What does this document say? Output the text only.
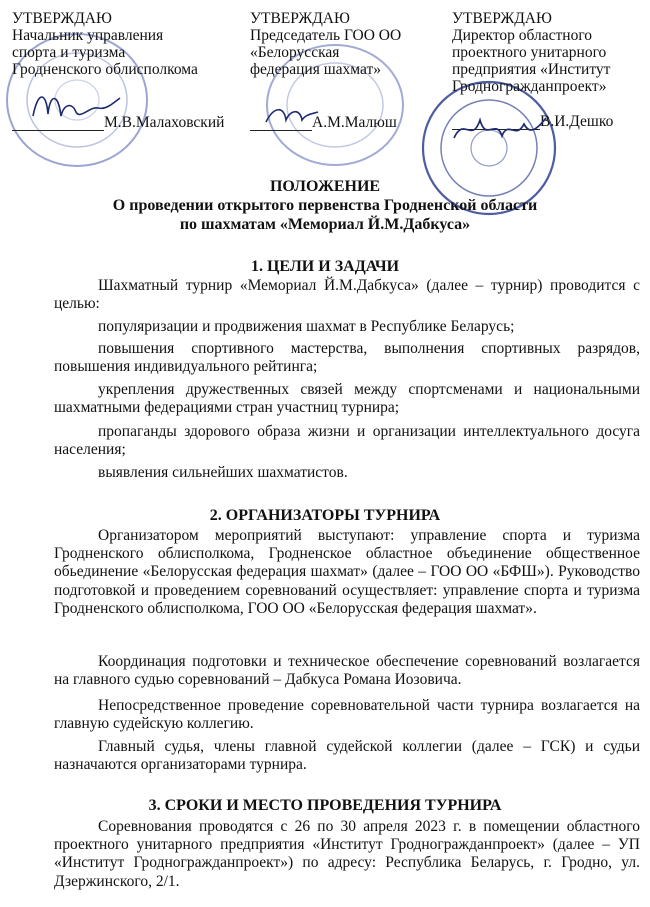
УТВЕРЖДАЮ
Начальник управления
спорта и туризма
Гродненского облисполкома
М.В.Малаховский
УТВЕРЖДАЮ
Председатель ГОО ОО
«Белорусская
федерация шахмат»
А.М.Малюш
УТВЕРЖДАЮ
Директор областного
проектного унитарного
предприятия «Институт
Гродногражданпроект»
В.И.Дешко
ПОЛОЖЕНИЕ
О проведении открытого первенства Гродненской области
по шахматам «Мемориал Й.М.Дабкуса»
1. ЦЕЛИ И ЗАДАЧИ
Шахматный турнир «Мемориал Й.М.Дабкуса» (далее – турнир) проводится с целью:
популяризации и продвижения шахмат в Республике Беларусь;
повышения спортивного мастерства, выполнения спортивных разрядов, повышения индивидуального рейтинга;
укрепления дружественных связей между спортсменами и национальными шахматными федерациями стран участниц турнира;
пропаганды здорового образа жизни и организации интеллектуального досуга населения;
выявления сильнейших шахматистов.
2. ОРГАНИЗАТОРЫ ТУРНИРА
Организатором мероприятий выступают: управление спорта и туризма Гродненского облисполкома, Гродненское областное объединение общественное обьединение «Белорусская федерация шахмат» (далее – ГОО ОО «БФШ»). Руководство подготовкой и проведением соревнований осуществляет: управление спорта и туризма Гродненского облисполкома, ГОО ОО «Белорусская федерация шахмат».
Координация подготовки и техническое обеспечение соревнований возлагается на главного судью соревнований – Дабкуса Романа Иозовича.
Непосредственное проведение соревновательной части турнира возлагается на главную судейскую коллегию.
Главный судья, члены главной судейской коллегии (далее – ГСК) и судьи назначаются организаторами турнира.
3. СРОКИ И МЕСТО ПРОВЕДЕНИЯ ТУРНИРА
Соревнования проводятся с 26 по 30 апреля 2023 г. в помещении областного проектного унитарного предприятия «Институт Гродногражданпроект» (далее – УП «Институт Гродногражданпроект») по адресу: Республика Беларусь, г. Гродно, ул. Дзержинского, 2/1.
